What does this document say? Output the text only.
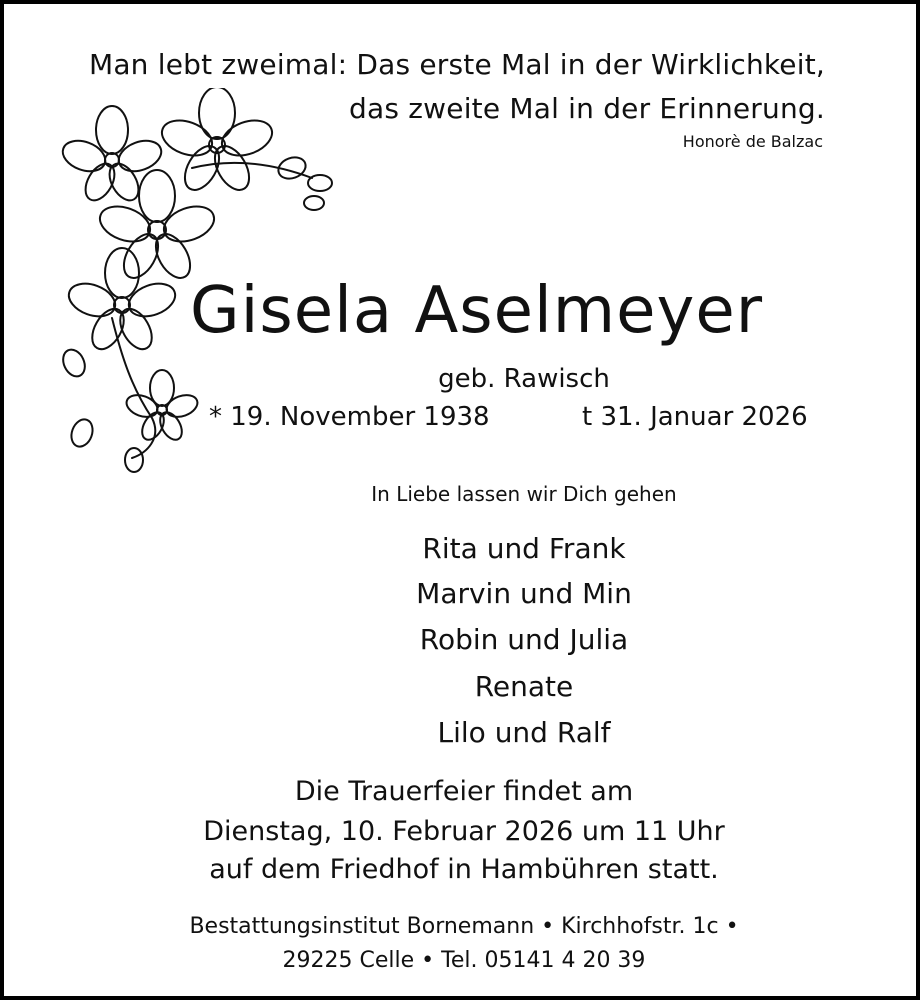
Man lebt zweimal: Das erste Mal in der Wirklichkeit,
das zweite Mal in der Erinnerung.
Honorè de Balzac
Gisela Aselmeyer
geb. Rawisch
* 19. November 1938	t 31. Januar 2026
In Liebe lassen wir Dich gehen
Rita und Frank
Marvin und Min
Robin und Julia
Renate
Lilo und Ralf
Die Trauerfeier findet am
Dienstag, 10. Februar 2026 um 11 Uhr
auf dem Friedhof in Hambühren statt.
Bestattungsinstitut Bornemann • Kirchhofstr. 1c •
29225 Celle • Tel. 05141 4 20 39
